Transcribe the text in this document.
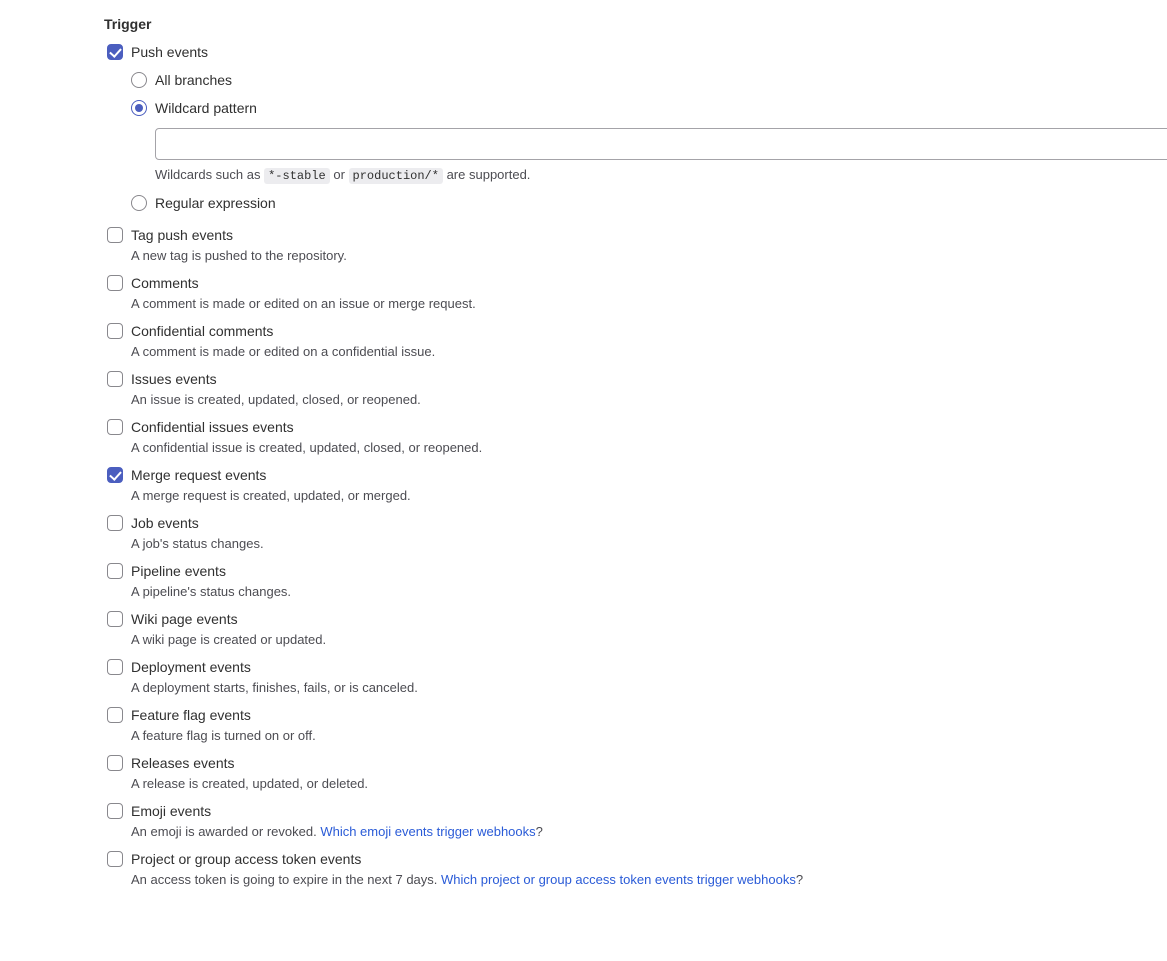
Trigger
Push events
All branches
Wildcard pattern
Wildcards such as *-stable or production/* are supported.
Regular expression
Tag push events
A new tag is pushed to the repository.
Comments
A comment is made or edited on an issue or merge request.
Confidential comments
A comment is made or edited on a confidential issue.
Issues events
An issue is created, updated, closed, or reopened.
Confidential issues events
A confidential issue is created, updated, closed, or reopened.
Merge request events
A merge request is created, updated, or merged.
Job events
A job's status changes.
Pipeline events
A pipeline's status changes.
Wiki page events
A wiki page is created or updated.
Deployment events
A deployment starts, finishes, fails, or is canceled.
Feature flag events
A feature flag is turned on or off.
Releases events
A release is created, updated, or deleted.
Emoji events
An emoji is awarded or revoked. Which emoji events trigger webhooks?
Project or group access token events
An access token is going to expire in the next 7 days. Which project or group access token events trigger webhooks?
